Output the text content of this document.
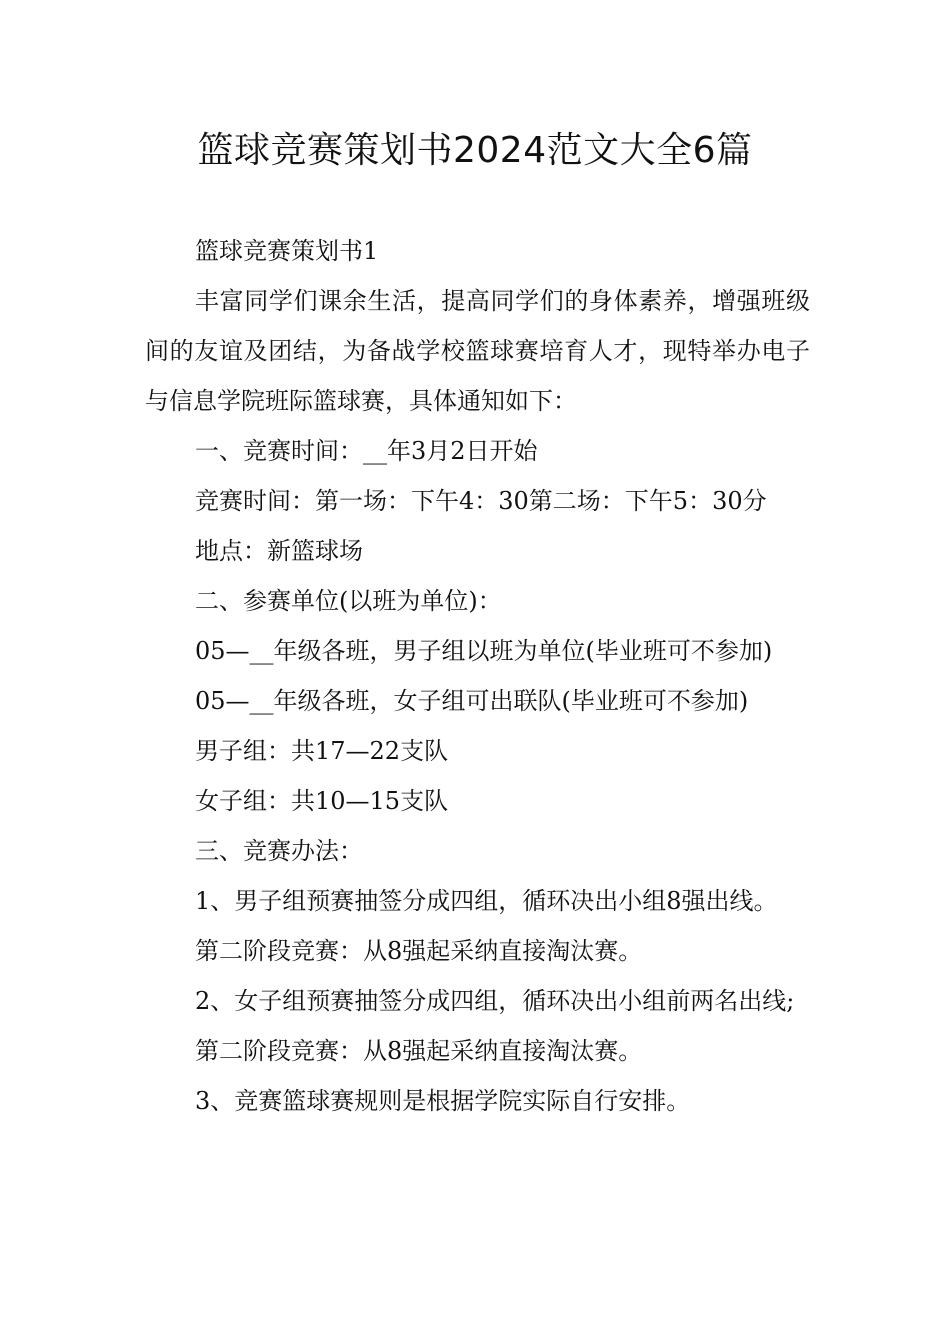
篮球竞赛策划书2024范文大全6篇

篮球竞赛策划书1

丰富同学们课余生活，提高同学们的身体素养，增强班级间的友谊及团结，为备战学校篮球赛培育人才，现特举办电子与信息学院班际篮球赛，具体通知如下：

一、竞赛时间：__年3月2日开始

竞赛时间：第一场：下午4：30第二场：下午5：30分

地点：新篮球场

二、参赛单位(以班为单位)：

05—__年级各班，男子组以班为单位(毕业班可不参加)

05—__年级各班，女子组可出联队(毕业班可不参加)

男子组：共17—22支队

女子组：共10—15支队

三、竞赛办法：

1、男子组预赛抽签分成四组，循环决出小组8强出线。

第二阶段竞赛：从8强起采纳直接淘汰赛。

2、女子组预赛抽签分成四组，循环决出小组前两名出线;

第二阶段竞赛：从8强起采纳直接淘汰赛。

3、竞赛篮球赛规则是根据学院实际自行安排。
